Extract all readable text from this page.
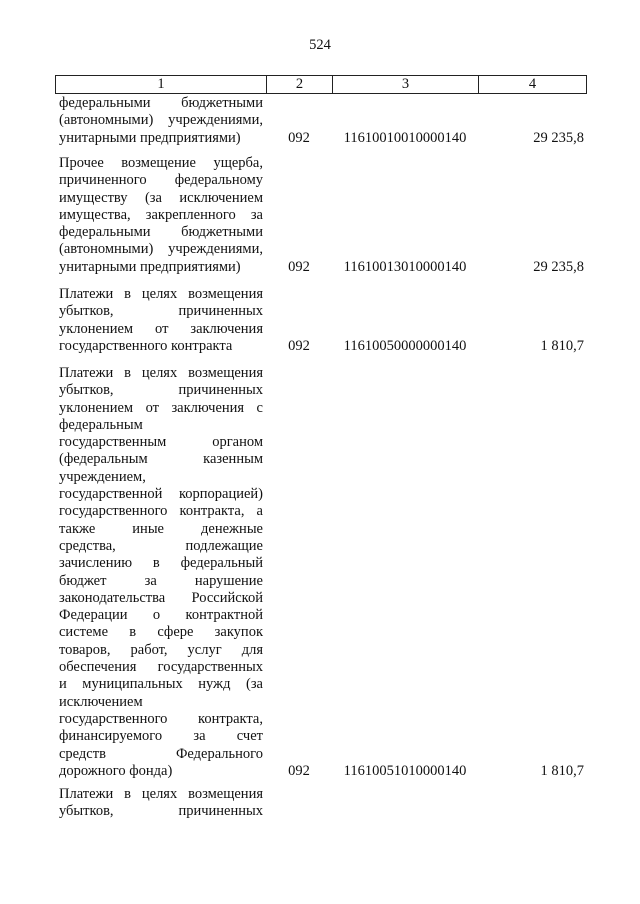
524
1	2	3	4
федеральными бюджетными
(автономными) учреждениями,
унитарными предприятиями)	092	11610010010000140	29 235,8
Прочее возмещение ущерба,
причиненного федеральному
имуществу (за исключением
имущества, закрепленного за
федеральными бюджетными
(автономными) учреждениями,
унитарными предприятиями)	092	11610013010000140	29 235,8
Платежи в целях возмещения
убытков, причиненных
уклонением от заключения
государственного контракта	092	11610050000000140	1 810,7
Платежи в целях возмещения
убытков, причиненных
уклонением от заключения с
федеральным
государственным органом
(федеральным казенным
учреждением,
государственной корпорацией)
государственного контракта, а
также иные денежные
средства, подлежащие
зачислению в федеральный
бюджет за нарушение
законодательства Российской
Федерации о контрактной
системе в сфере закупок
товаров, работ, услуг для
обеспечения государственных
и муниципальных нужд (за
исключением
государственного контракта,
финансируемого за счет
средств Федерального
дорожного фонда)	092	11610051010000140	1 810,7
Платежи в целях возмещения
убытков, причиненных
